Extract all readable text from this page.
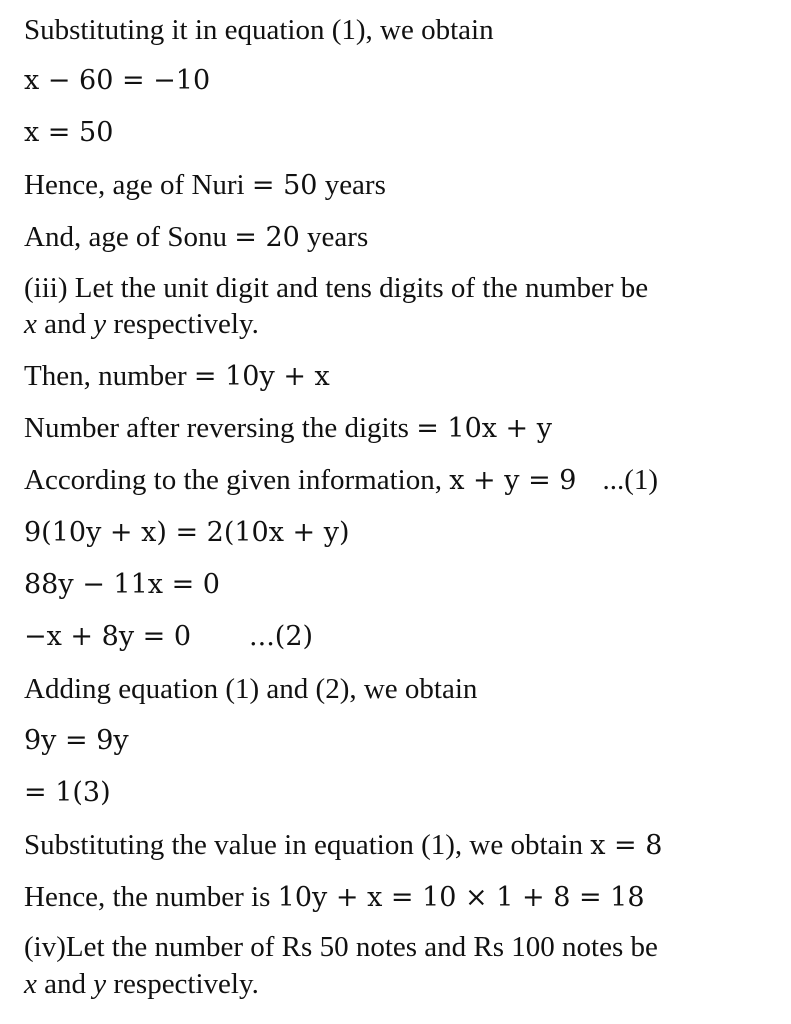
Substituting it in equation (1), we obtain
x − 60 = −10
x = 50
Hence, age of Nuri = 50 years
And, age of Sonu = 20 years
(iii) Let the unit digit and tens digits of the number be
x and y respectively.
Then, number = 10y + x
Number after reversing the digits = 10x + y
According to the given information, x + y = 9 ...(1)
9(10y + x) = 2(10x + y)
88y − 11x = 0
−x + 8y = 0 ...(2)
Adding equation (1) and (2), we obtain
9y = 9y
= 1(3)
Substituting the value in equation (1), we obtain x = 8
Hence, the number is 10y + x = 10 × 1 + 8 = 18
(iv)Let the number of Rs 50 notes and Rs 100 notes be
x and y respectively.
